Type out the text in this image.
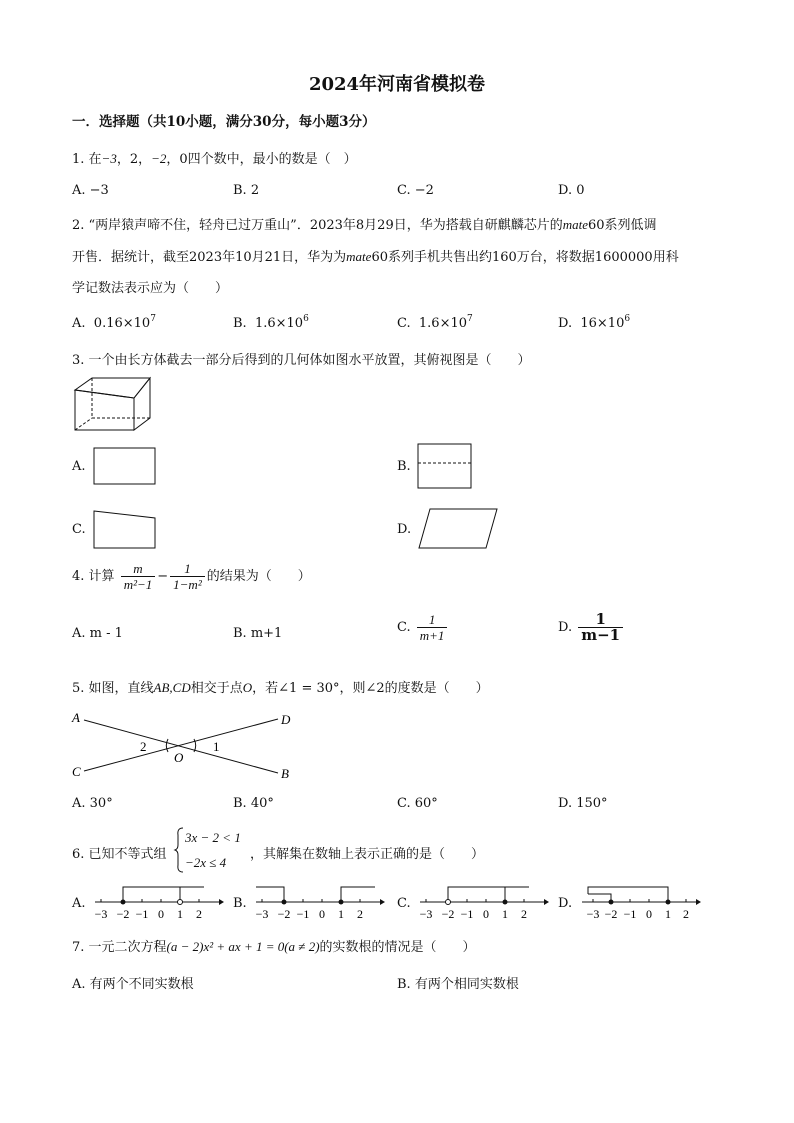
2024年河南省模拟卷
一．选择题（共10小题，满分30分，每小题3分）
1. 在−3，2，−2，0四个数中，最小的数是（　）
A. −3	B. 2	C. −2	D. 0
2. “两岸猿声啼不住，轻舟已过万重山”．2023年8月29日，华为搭载自研麒麟芯片的mate60系列低调
开售．据统计，截至2023年10月21日，华为为mate60系列手机共售出约160万台，将数据1600000用科
学记数法表示应为（　　）
A. $0.16\times 10^7$	B. $1.6\times 10^6$	C. $1.6\times 10^7$	D. $16\times 10^6$
3. 一个由长方体截去一部分后得到的几何体如图水平放置，其俯视图是（　　）
A.	B.
C.	D.
4. 计算 $\frac{m}{\text{m²−1}} - \frac{1}{\text{1−m²}}$ 的结果为（　　）
A. m - 1	B. m+1	C. $\frac{1}{m+1}$	D. $\frac{1}{m-1}$
5. 如图，直线AB,CD相交于点O，若∠1 = 30°，则∠2的度数是（　　）
A
C
D
B
O
2	1
A. 30°	B. 40°	C. 60°	D. 150°
6. 已知不等式组
3x − 2 < 1
−2x ≤ 4
，其解集在数轴上表示正确的是（　　）
A.
−3 −2 −1 0 1 2
B.
−3 −2 −1 0 1 2
C.
−3 −2 −1 0 1 2
D.
−3 −2 −1 0 1 2
7. 一元二次方程(a − 2)x² + ax + 1 = 0(a ≠ 2)的实数根的情况是（　　）
A. 有两个不同实数根	B. 有两个相同实数根
